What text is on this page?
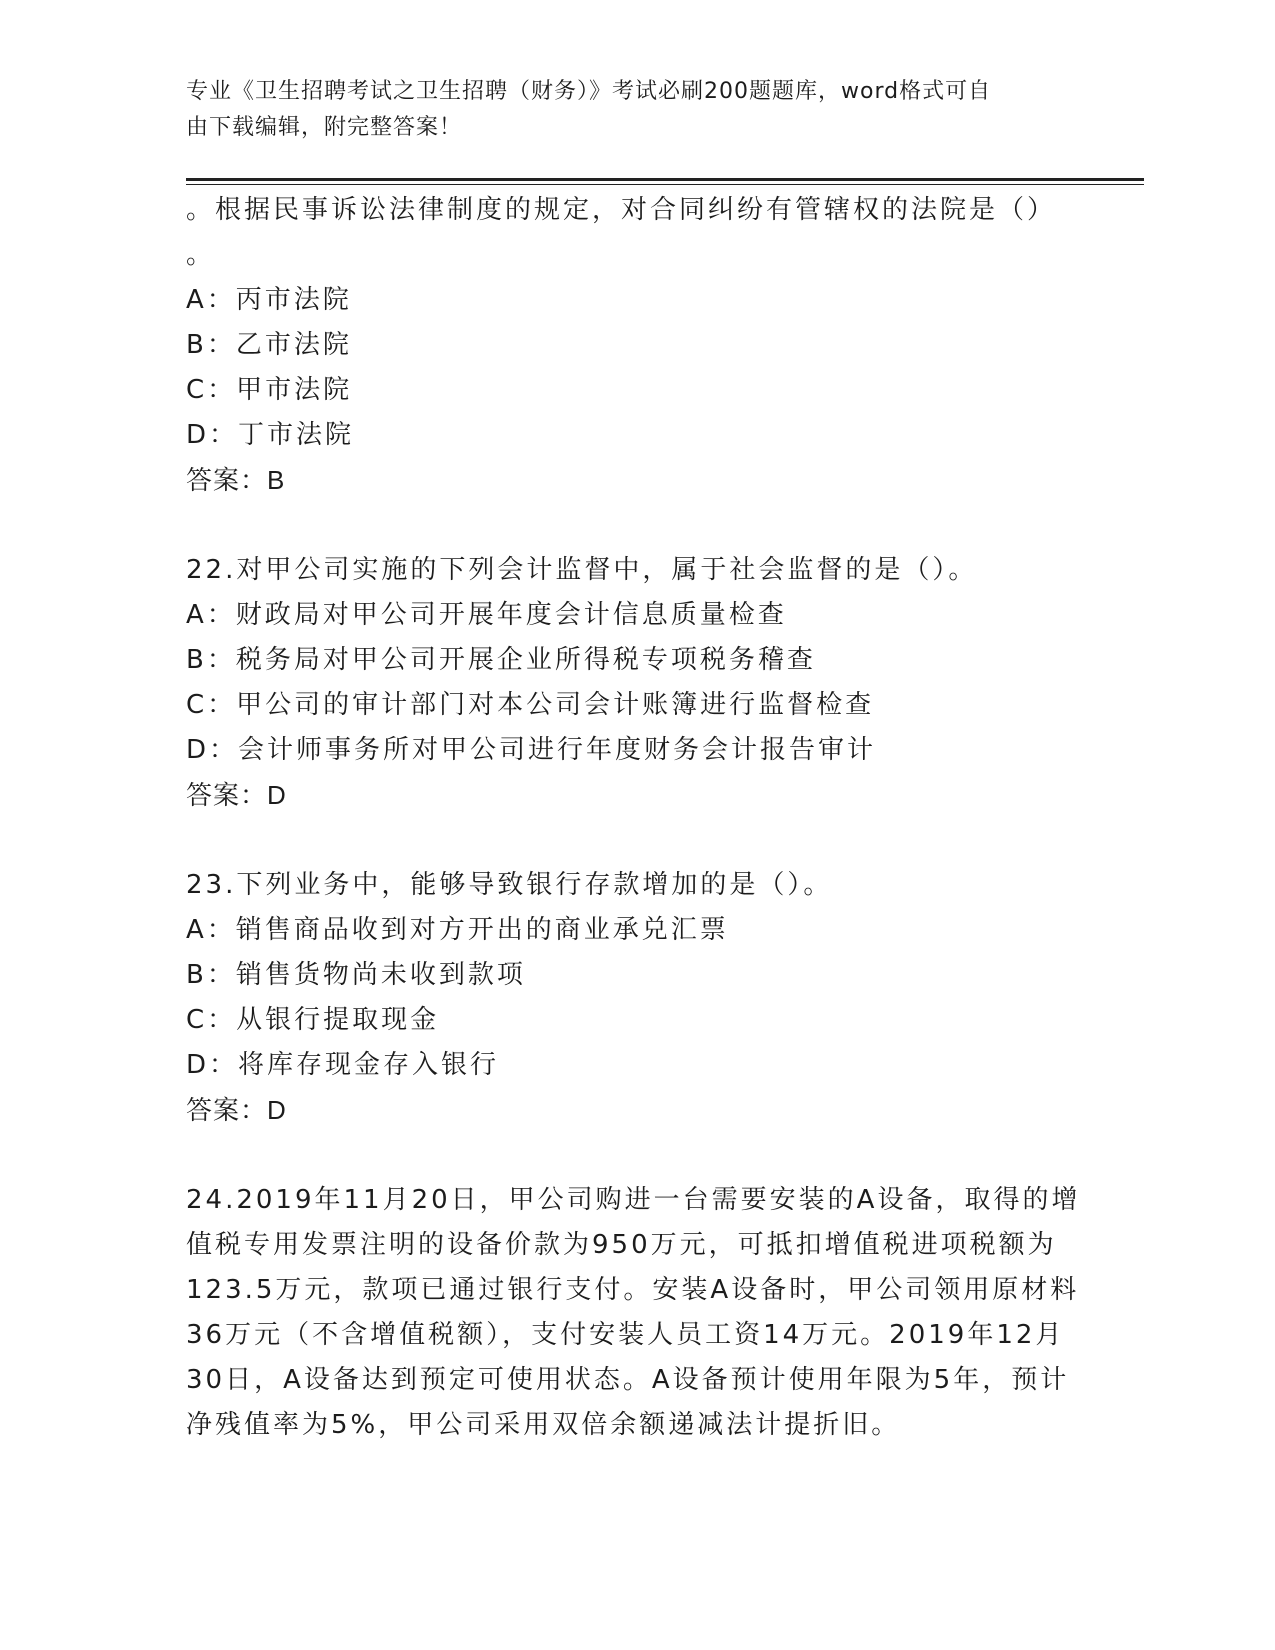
专业《卫生招聘考试之卫生招聘（财务）》考试必刷200题题库，word格式可自
由下载编辑，附完整答案！
。根据民事诉讼法律制度的规定，对合同纠纷有管辖权的法院是（）
。
A：丙市法院
B：乙市法院
C：甲市法院
D：丁市法院
答案：B
22.对甲公司实施的下列会计监督中，属于社会监督的是（）。
A：财政局对甲公司开展年度会计信息质量检查
B：税务局对甲公司开展企业所得税专项税务稽查
C：甲公司的审计部门对本公司会计账簿进行监督检查
D：会计师事务所对甲公司进行年度财务会计报告审计
答案：D
23.下列业务中，能够导致银行存款增加的是（）。
A：销售商品收到对方开出的商业承兑汇票
B：销售货物尚未收到款项
C：从银行提取现金
D：将库存现金存入银行
答案：D
24.2019年11月20日，甲公司购进一台需要安装的A设备，取得的增
值税专用发票注明的设备价款为950万元，可抵扣增值税进项税额为
123.5万元，款项已通过银行支付。安装A设备时，甲公司领用原材料
36万元（不含增值税额），支付安装人员工资14万元。2019年12月
30日，A设备达到预定可使用状态。A设备预计使用年限为5年，预计
净残值率为5%，甲公司采用双倍余额递减法计提折旧。
